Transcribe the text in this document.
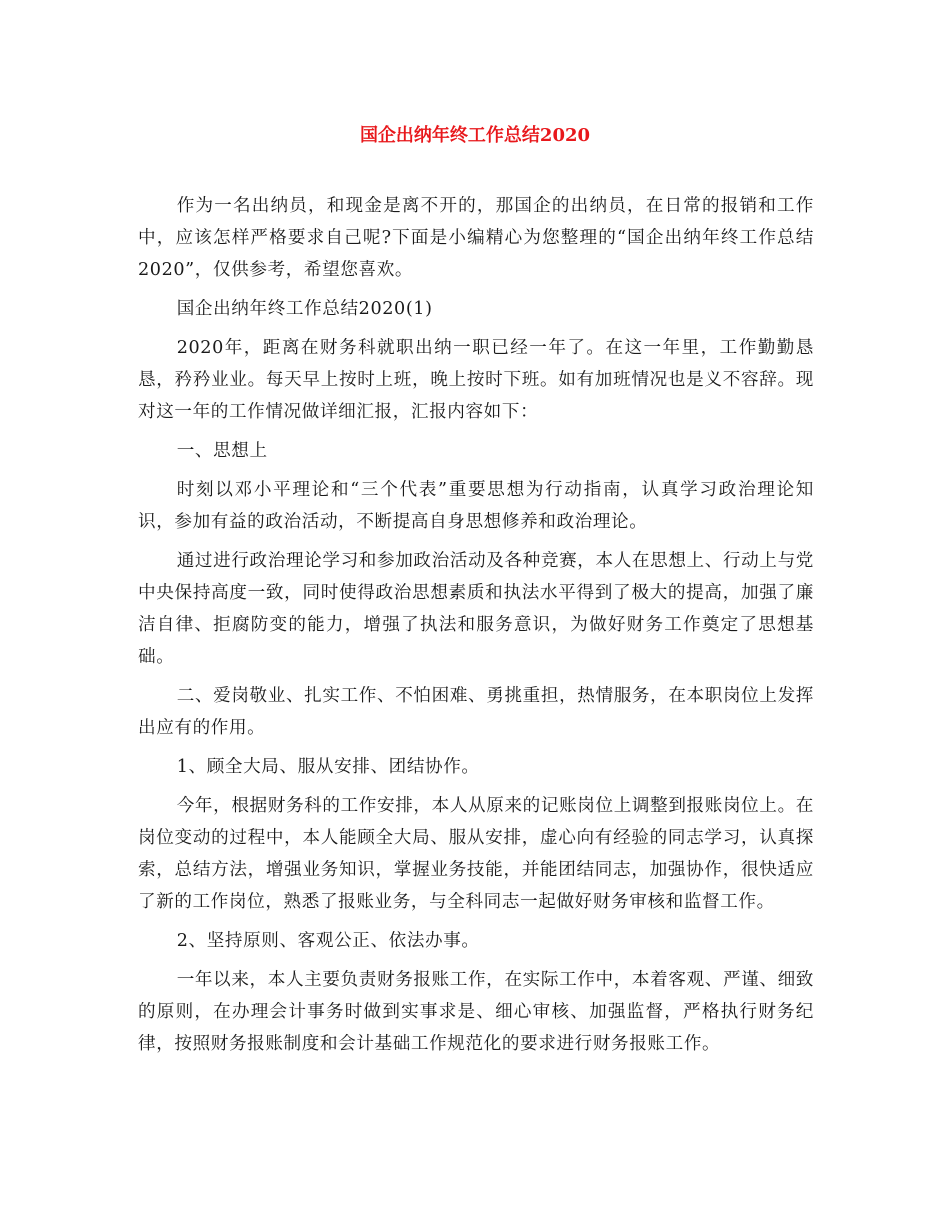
国企出纳年终工作总结2020

作为一名出纳员，和现金是离不开的，那国企的出纳员，在日常的报销和工作中，应该怎样严格要求自己呢?下面是小编精心为您整理的“国企出纳年终工作总结2020”，仅供参考，希望您喜欢。

国企出纳年终工作总结2020(1)

2020年，距离在财务科就职出纳一职已经一年了。在这一年里，工作勤勤恳恳，矜矜业业。每天早上按时上班，晚上按时下班。如有加班情况也是义不容辞。现对这一年的工作情况做详细汇报，汇报内容如下：

一、思想上

时刻以邓小平理论和“三个代表”重要思想为行动指南，认真学习政治理论知识，参加有益的政治活动，不断提高自身思想修养和政治理论。

通过进行政治理论学习和参加政治活动及各种竞赛，本人在思想上、行动上与党中央保持高度一致，同时使得政治思想素质和执法水平得到了极大的提高，加强了廉洁自律、拒腐防变的能力，增强了执法和服务意识，为做好财务工作奠定了思想基础。

二、爱岗敬业、扎实工作、不怕困难、勇挑重担，热情服务，在本职岗位上发挥出应有的作用。

1、顾全大局、服从安排、团结协作。

今年，根据财务科的工作安排，本人从原来的记账岗位上调整到报账岗位上。在岗位变动的过程中，本人能顾全大局、服从安排，虚心向有经验的同志学习，认真探索，总结方法，增强业务知识，掌握业务技能，并能团结同志，加强协作，很快适应了新的工作岗位，熟悉了报账业务，与全科同志一起做好财务审核和监督工作。

2、坚持原则、客观公正、依法办事。

一年以来，本人主要负责财务报账工作，在实际工作中，本着客观、严谨、细致的原则，在办理会计事务时做到实事求是、细心审核、加强监督，严格执行财务纪律，按照财务报账制度和会计基础工作规范化的要求进行财务报账工作。
